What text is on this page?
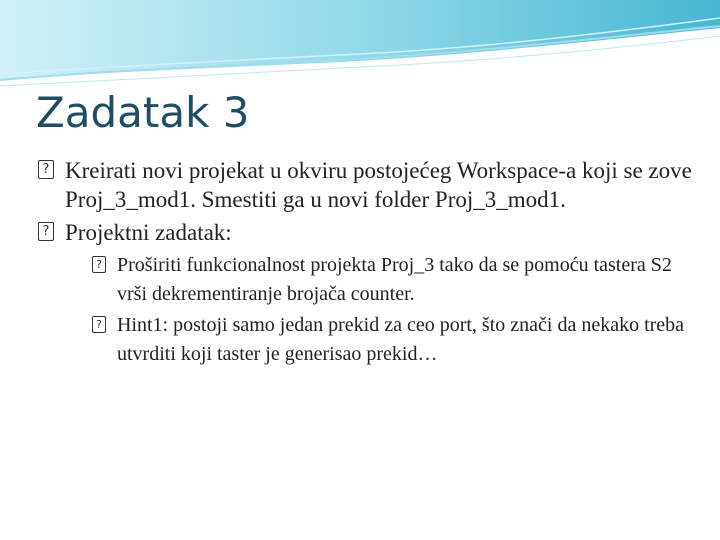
Zadatak 3
? Kreirati novi projekat u okviru postojećeg Workspace-a koji se zove Proj_3_mod1. Smestiti ga u novi folder Proj_3_mod1.
? Projektni zadatak:
? Proširiti funkcionalnost projekta Proj_3 tako da se pomoću tastera S2 vrši dekrementiranje brojača counter.
? Hint1: postoji samo jedan prekid za ceo port, što znači da nekako treba utvrditi koji taster je generisao prekid…
